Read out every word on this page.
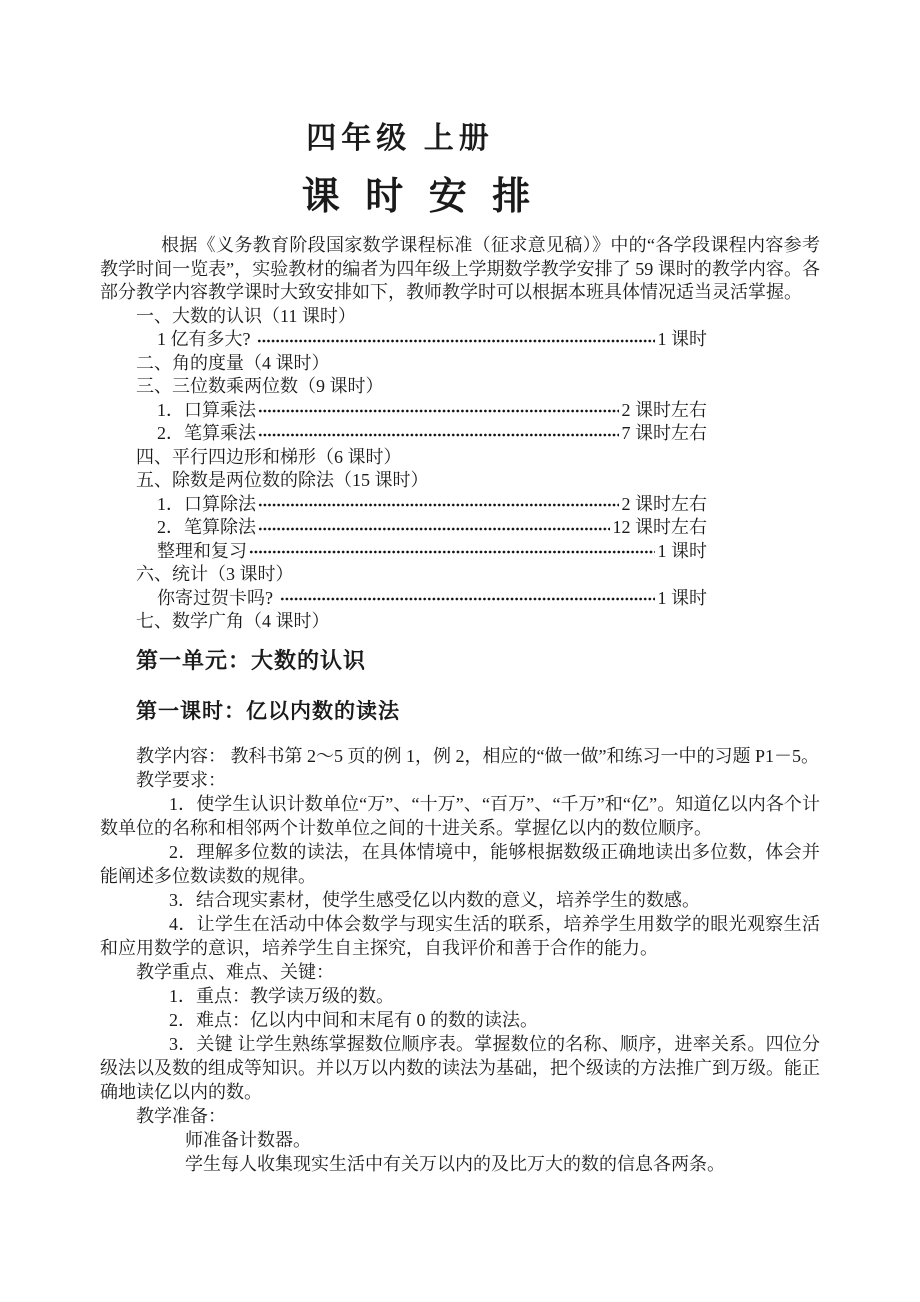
四年级 上册
课 时 安 排

根据《义务教育阶段国家数学课程标准（征求意见稿）》中的“各学段课程内容参考教学时间一览表”，实验教材的编者为四年级上学期数学教学安排了 59 课时的教学内容。各部分教学内容教学课时大致安排如下，教师教学时可以根据本班具体情况适当灵活掌握。

一、大数的认识（11 课时）
1 亿有多大?	1 课时
二、角的度量（4 课时）
三、三位数乘两位数（9 课时）
1．口算乘法	2 课时左右
2．笔算乘法	7 课时左右
四、平行四边形和梯形（6 课时）
五、除数是两位数的除法（15 课时）
1．口算除法	2 课时左右
2．笔算除法	12 课时左右
整理和复习	1 课时
六、统计（3 课时）
你寄过贺卡吗?	1 课时
七、数学广角（4 课时）
第一单元：大数的认识
第一课时：亿以内数的读法

教学内容： 教科书第 2～5 页的例 1，例 2，相应的“做一做”和练习一中的习题 P1－5。

教学要求：

1．使学生认识计数单位“万”、“十万”、“百万”、“千万”和“亿”。知道亿以内各个计数单位的名称和相邻两个计数单位之间的十进关系。掌握亿以内的数位顺序。

2．理解多位数的读法，在具体情境中，能够根据数级正确地读出多位数，体会并能阐述多位数读数的规律。

3．结合现实素材，使学生感受亿以内数的意义，培养学生的数感。

4．让学生在活动中体会数学与现实生活的联系，培养学生用数学的眼光观察生活和应用数学的意识，培养学生自主探究，自我评价和善于合作的能力。

教学重点、难点、关键：

1．重点：教学读万级的数。

2．难点：亿以内中间和末尾有 0 的数的读法。

3．关键 让学生熟练掌握数位顺序表。掌握数位的名称、顺序，进率关系。四位分级法以及数的组成等知识。并以万以内数的读法为基础，把个级读的方法推广到万级。能正确地读亿以内的数。

教学准备：

师准备计数器。

学生每人收集现实生活中有关万以内的及比万大的数的信息各两条。
